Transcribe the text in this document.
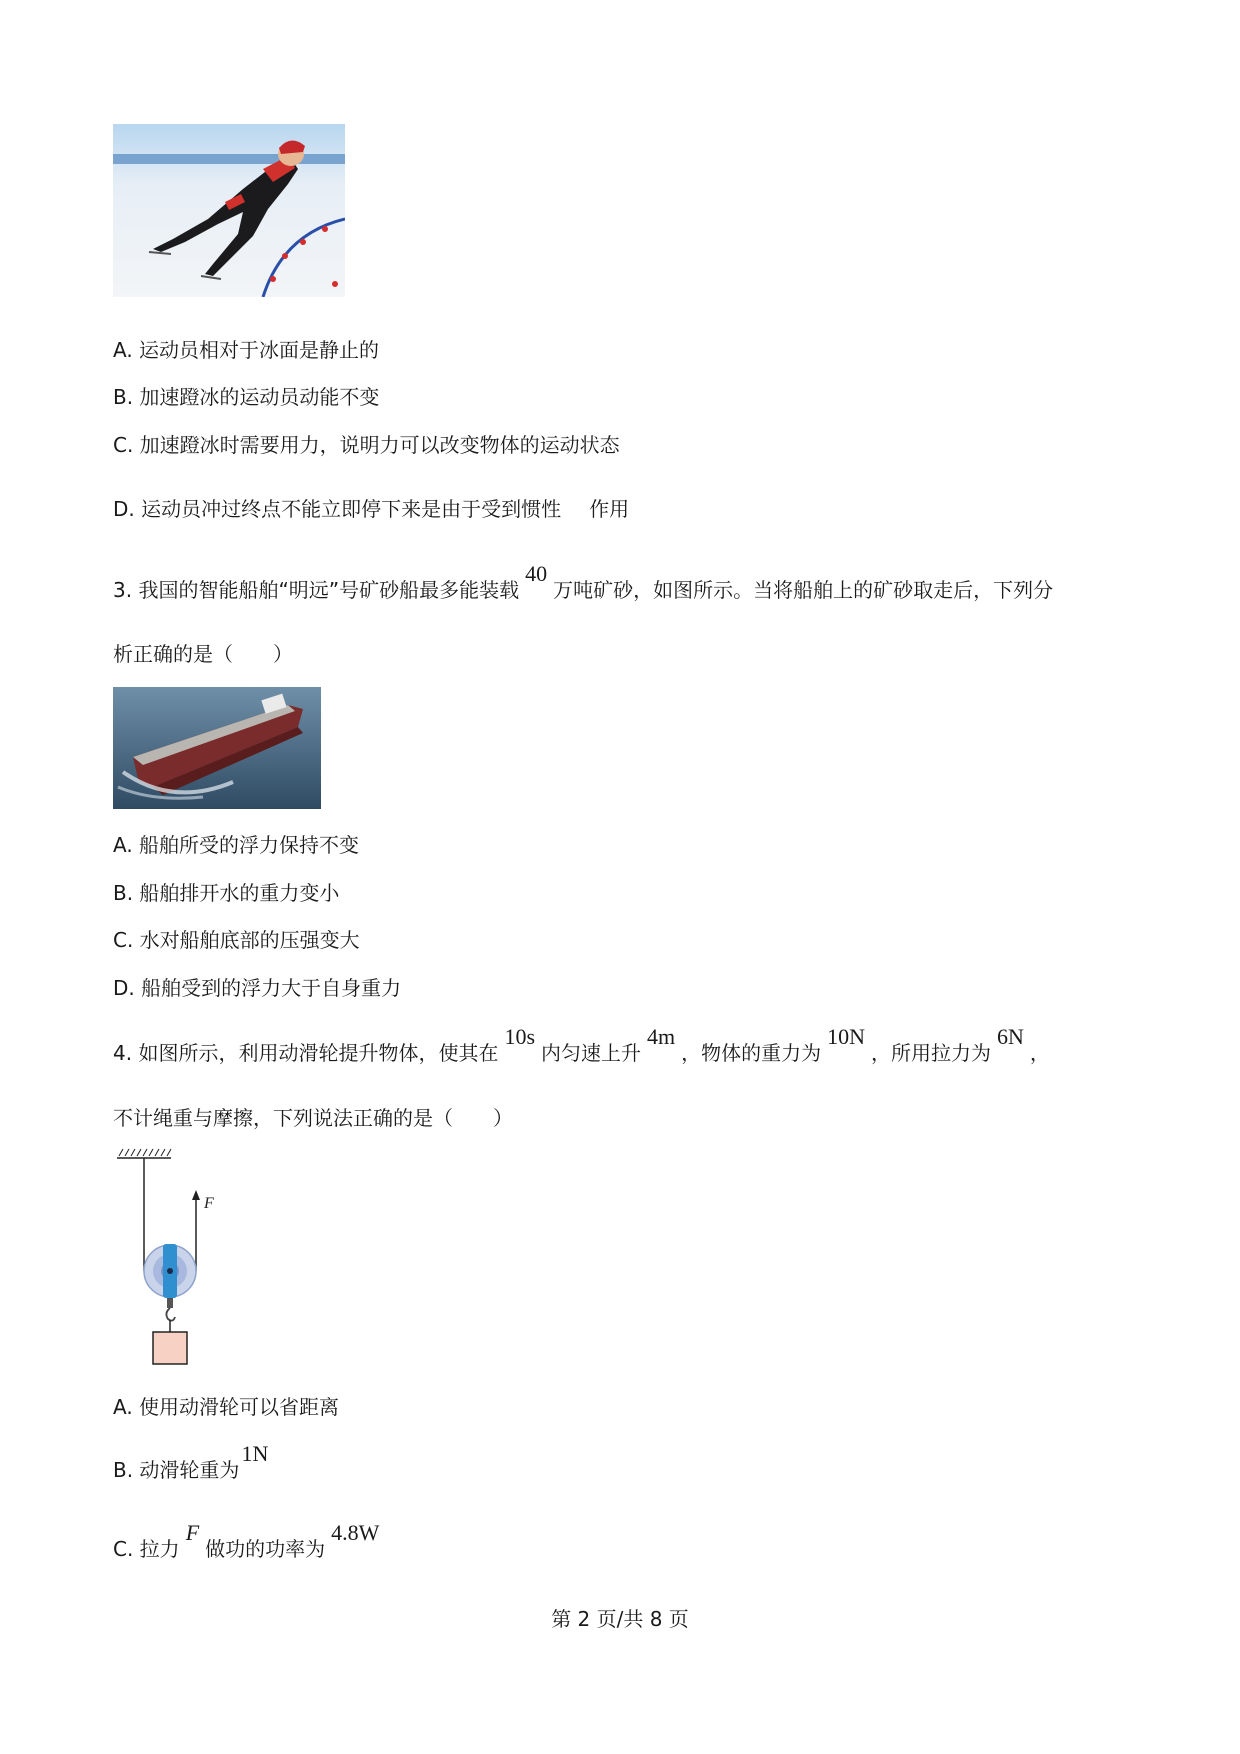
A. 运动员相对于冰面是静止的
B. 加速蹬冰的运动员动能不变
C. 加速蹬冰时需要用力，说明力可以改变物体的运动状态
D. 运动员冲过终点不能立即停下来是由于受到惯性 作用
3. 我国的智能船舶“明远”号矿砂船最多能装载40万吨矿砂，如图所示。当将船舶上的矿砂取走后，下列分
析正确的是（　　）
A. 船舶所受的浮力保持不变
B. 船舶排开水的重力变小
C. 水对船舶底部的压强变大
D. 船舶受到的浮力大于自身重力
4. 如图所示，利用动滑轮提升物体，使其在10s内匀速上升4m，物体的重力为10N，所用拉力为6N，
不计绳重与摩擦，下列说法正确的是（　　）
F
A. 使用动滑轮可以省距离
B. 动滑轮重为1N
C. 拉力F做功的功率为4.8W
第 2 页/共 8 页
